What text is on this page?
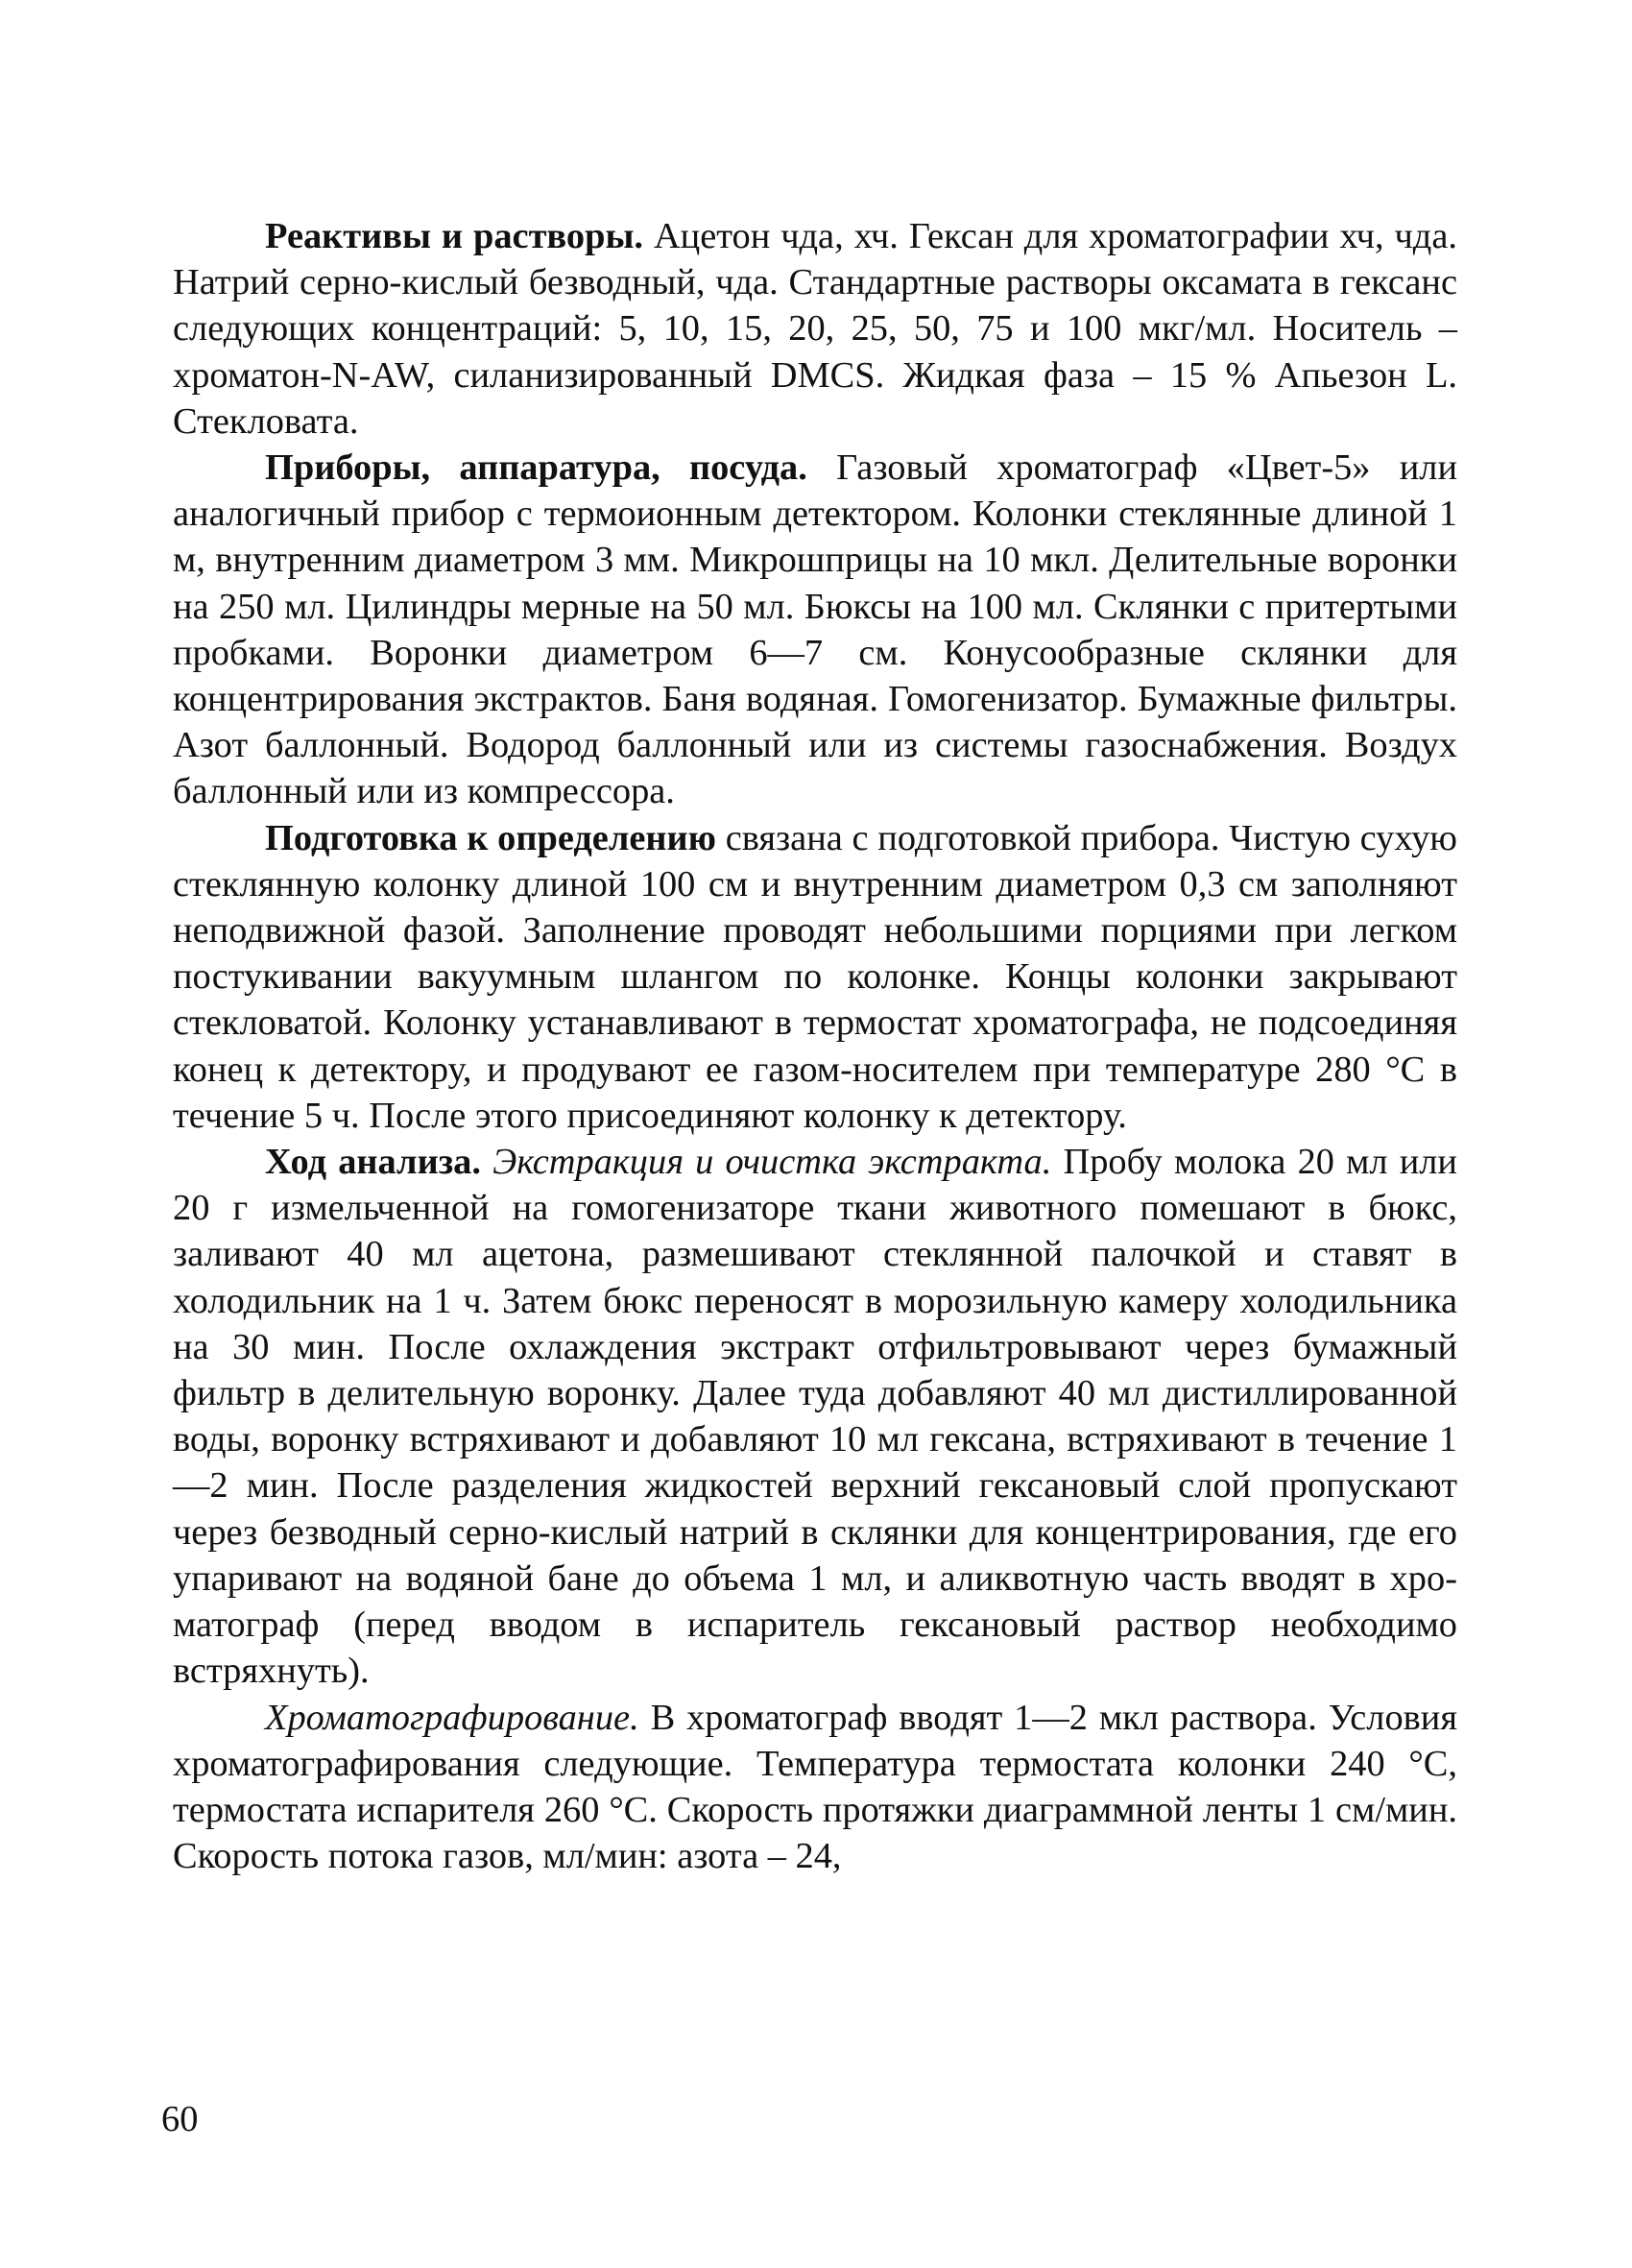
Реактивы и растворы. Ацетон чда, хч. Гексан для хроматографии хч, чда. Натрий серно-кислый безводный, чда. Стандартные растворы оксамата в гексанс следующих концентраций: 5, 10, 15, 20, 25, 50, 75 и 100 мкг/мл. Носитель – хроматон-N-AW, силанизированный DMCS. Жидкая фаза – 15 % Апьезон L. Стекловата.

Приборы, аппаратура, посуда. Газовый хроматограф «Цвет-5» или аналогичный прибор с термоионным детектором. Колонки стеклянные длиной 1 м, внутренним диаметром 3 мм. Микрошприцы на 10 мкл. Делительные воронки на 250 мл. Цилиндры мерные на 50 мл. Бюксы на 100 мл. Склянки с притертыми пробками. Воронки диаметром 6—7 см. Конусообразные склянки для концентрирования экстрактов. Баня водяная. Гомогенизатор. Бумажные фильтры. Азот баллонный. Водород баллонный или из системы газоснабжения. Воздух баллонный или из компрессора.

Подготовка к определению связана с подготовкой прибора. Чистую сухую стеклянную колонку длиной 100 см и внутренним диаметром 0,3 см заполняют неподвижной фазой. Заполнение проводят небольшими порциями при легком постукивании вакуумным шлангом по колонке. Концы колонки закрывают стекловатой. Колонку устанавливают в термостат хроматографа, не подсоединяя конец к детектору, и продувают ее газом-носителем при температуре 280 °С в течение 5 ч. После этого присоединяют колонку к детектору.

Ход анализа. Экстракция и очистка экстракта. Пробу молока 20 мл или 20 г измельченной на гомогенизаторе ткани животного помешают в бюкс, заливают 40 мл ацетона, размешивают стеклянной палочкой и ставят в холодильник на 1 ч. Затем бюкс переносят в морозильную камеру холодильника на 30 мин. После охлаждения экстракт отфильтровывают через бумажный фильтр в делительную воронку. Далее туда добавляют 40 мл дистиллированной воды, воронку встряхивают и добавляют 10 мл гексана, встряхивают в течение 1—2 мин. После разделения жидкостей верхний гексановый слой пропускают через безводный серно-кислый натрий в склянки для концентрирования, где его упаривают на водяной бане до объема 1 мл, и аликвотную часть вводят в хроматограф (перед вводом в испаритель гексановый раствор необходимо встряхнуть).

Хроматографирование. В хроматограф вводят 1—2 мкл раствора. Условия хроматографирования следующие. Температура термостата колонки 240 °С, термостата испарителя 260 °С. Скорость протяжки диаграммной ленты 1 см/мин. Скорость потока газов, мл/мин: азота – 24,

60
